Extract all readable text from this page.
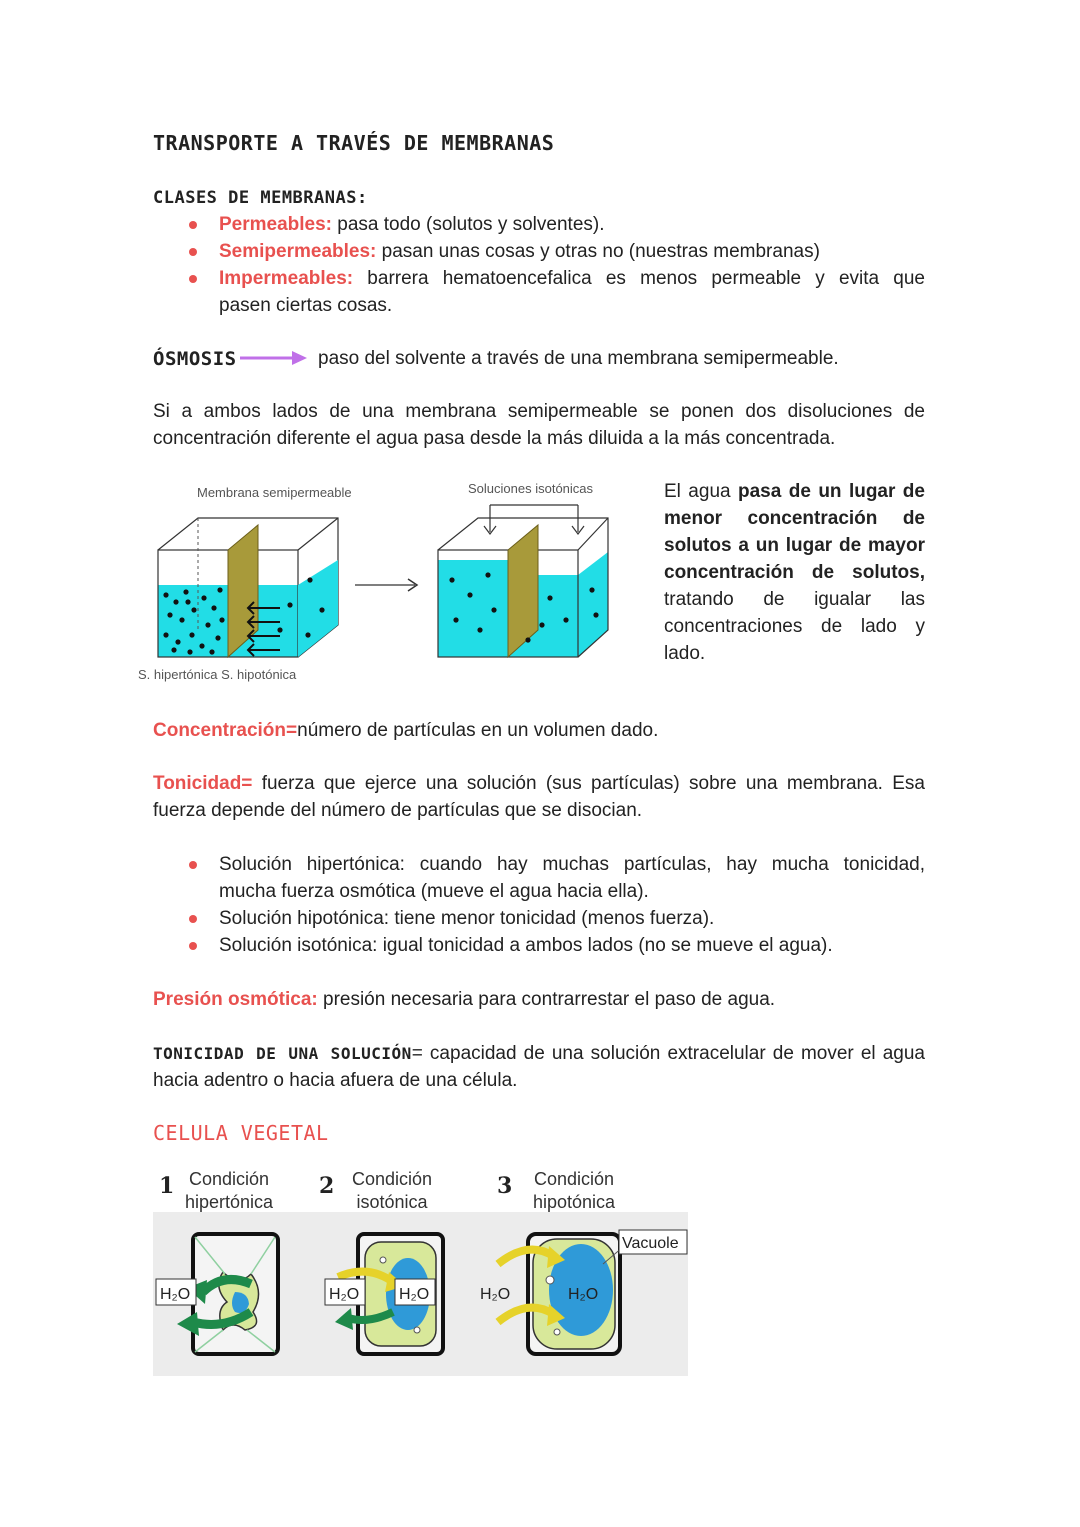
TRANSPORTE A TRAVÉS DE MEMBRANAS
CLASES DE MEMBRANAS:
Permeables: pasa todo (solutos y solventes).
Semipermeables: pasan unas cosas y otras no (nuestras membranas)
Impermeables: barrera hematoencefalica es menos permeable y evita que
pasen ciertas cosas.
ÓSMOSIS	paso del solvente a través de una membrana semipermeable.
Si a ambos lados de una membrana semipermeable se ponen dos disoluciones de
concentración diferente el agua pasa desde la más diluida a la más concentrada.
Membrana semipermeable	Soluciones isotónicas
S. hipertónica S. hipotónica
El agua pasa de un lugar de
menor concentración de
solutos a un lugar de mayor
concentración de solutos,
tratando de igualar las
concentraciones de lado y
lado.
Concentración=número de partículas en un volumen dado.
Tonicidad= fuerza que ejerce una solución (sus partículas) sobre una membrana. Esa
fuerza depende del número de partículas que se disocian.
Solución hipertónica: cuando hay muchas partículas, hay mucha tonicidad,
mucha fuerza osmótica (mueve el agua hacia ella).
Solución hipotónica: tiene menor tonicidad (menos fuerza).
Solución isotónica: igual tonicidad a ambos lados (no se mueve el agua).
Presión osmótica: presión necesaria para contrarrestar el paso de agua.
TONICIDAD DE UNA SOLUCIÓN= capacidad de una solución extracelular de mover el agua
hacia adentro o hacia afuera de una célula.
CELULA VEGETAL
1 Condición
hipertónica
2 Condición
isotónica
3 Condición
hipotónica
H₂O	H₂O H₂O	H₂O	H₂O
Vacuole
